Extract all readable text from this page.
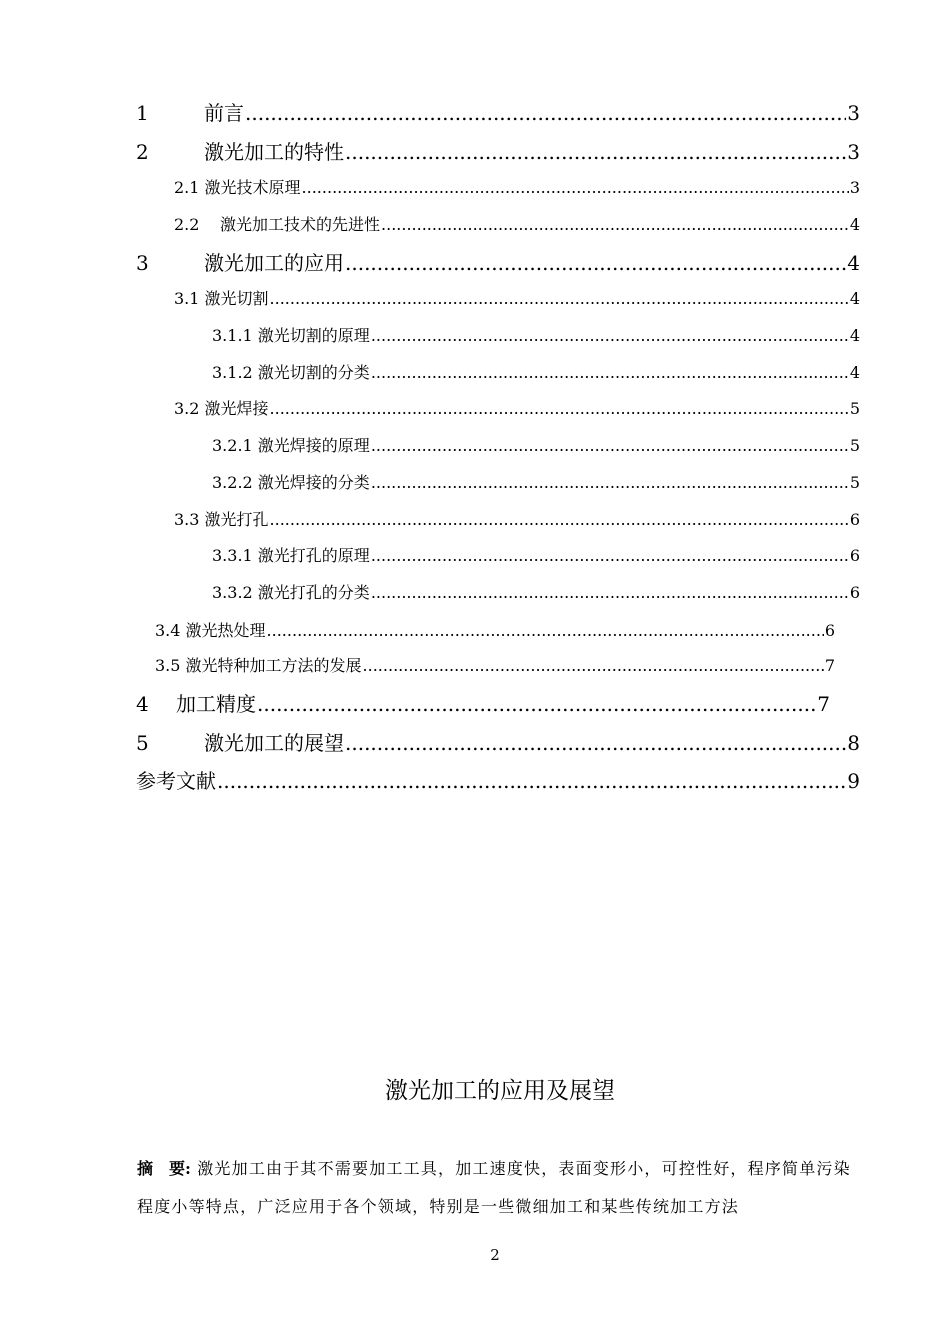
1	前言 .....	3
2	激光加工的特性 .....	3
2.1 激光技术原理 .....	3
2.2	激光加工技术的先进性 .....	4
3	激光加工的应用 .....	4
3.1 激光切割 .....	4
3.1.1 激光切割的原理 .....	4
3.1.2 激光切割的分类 .....	4
3.2 激光焊接 .....	5
3.2.1 激光焊接的原理 .....	5
3.2.2 激光焊接的分类 .....	5
3.3 激光打孔 .....	6
3.3.1 激光打孔的原理 .....	6
3.3.2 激光打孔的分类 .....	6
3.4 激光热处理 .....	6
3.5 激光特种加工方法的发展 .....	7
4	加工精度 .....	7
5	激光加工的展望 .....	8
参考文献 .....	9
激光加工的应用及展望
摘　要: 激光加工由于其不需要加工工具，加工速度快，表面变形小，可控性好，程序简单污染程度小等特点，广泛应用于各个领域，特别是一些微细加工和某些传统加工方法
2
